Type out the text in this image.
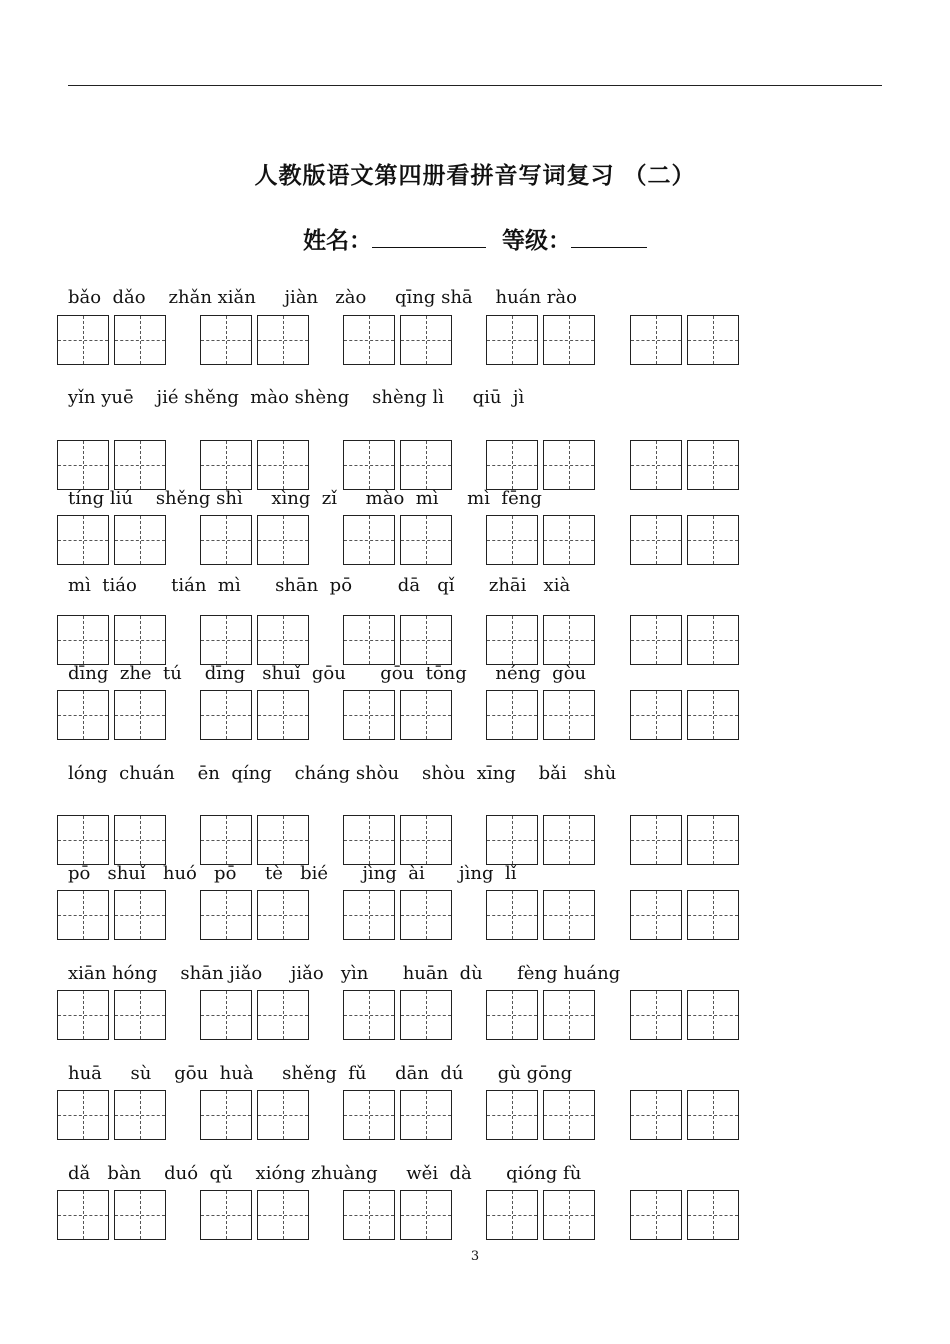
人教版语文第四册看拼音写词复习 （二）
姓名：	等级：
bǎo  dǎo    zhǎn xiǎn     jiàn   zào     qīng shā    huán rào
yǐn yuē    jié shěng  mào shèng    shèng lì     qiū  jì
tíng liú    shěng shì     xìng  zǐ     mào  mì     mì  fēng
mì  tiáo      tián  mì      shān  pō        dā   qǐ      zhāi   xià
dīng  zhe  tú    dīng   shuǐ  gōu      gōu  tōng     néng  gòu
lóng  chuán    ēn  qíng    cháng shòu    shòu  xīng    bǎi   shù
pō   shuǐ   huó   pō     tè   bié      jìng  ài      jìng  lǐ
xiān hóng    shān jiǎo     jiǎo   yìn      huān  dù      fèng huáng
huā     sù    gōu  huà     shěng  fǔ     dān  dú      gù gōng
dǎ   bàn    duó  qǔ    xióng zhuàng     wěi  dà      qióng fù
3
